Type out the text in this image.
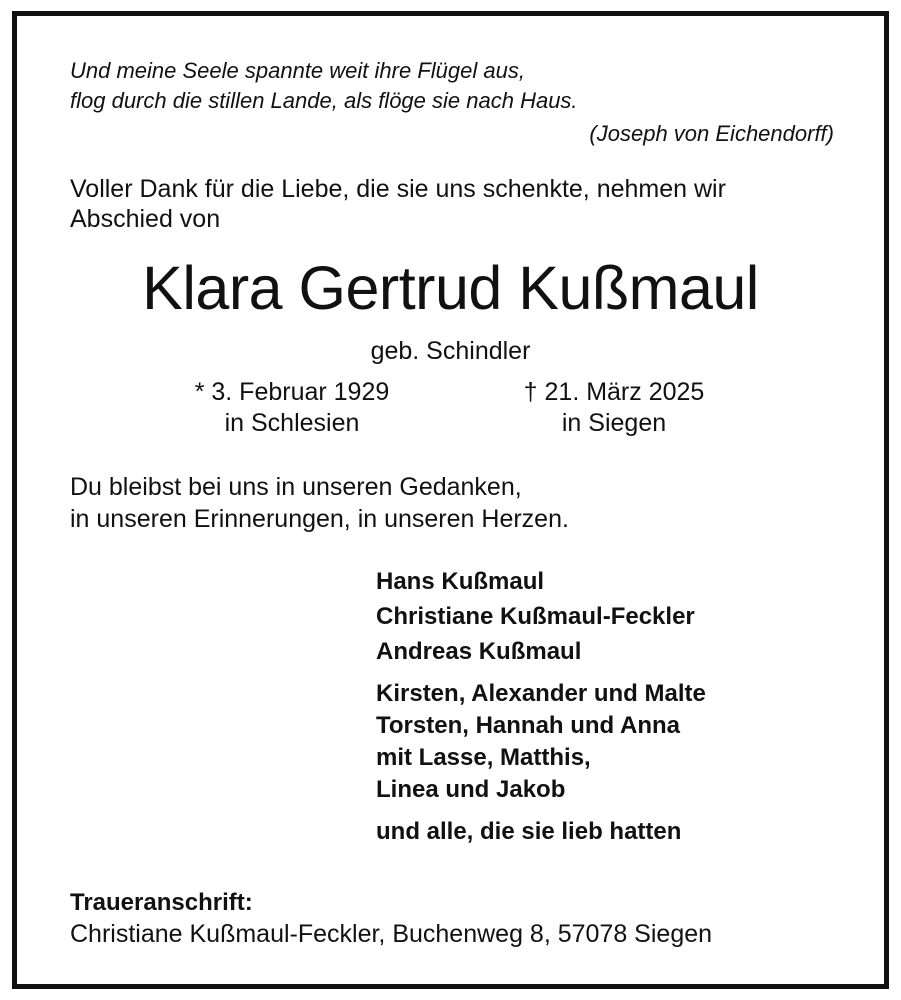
Und meine Seele spannte weit ihre Flügel aus,
flog durch die stillen Lande, als flöge sie nach Haus.
(Joseph von Eichendorff)
Voller Dank für die Liebe, die sie uns schenkte, nehmen wir
Abschied von
Klara Gertrud Kußmaul
geb. Schindler
* 3. Februar 1929
in Schlesien
† 21. März 2025
in Siegen
Du bleibst bei uns in unseren Gedanken,
in unseren Erinnerungen, in unseren Herzen.
Hans Kußmaul
Christiane Kußmaul-Feckler
Andreas Kußmaul
Kirsten, Alexander und Malte
Torsten, Hannah und Anna
mit Lasse, Matthis,
Linea und Jakob
und alle, die sie lieb hatten
Traueranschrift:
Christiane Kußmaul-Feckler, Buchenweg 8, 57078 Siegen
